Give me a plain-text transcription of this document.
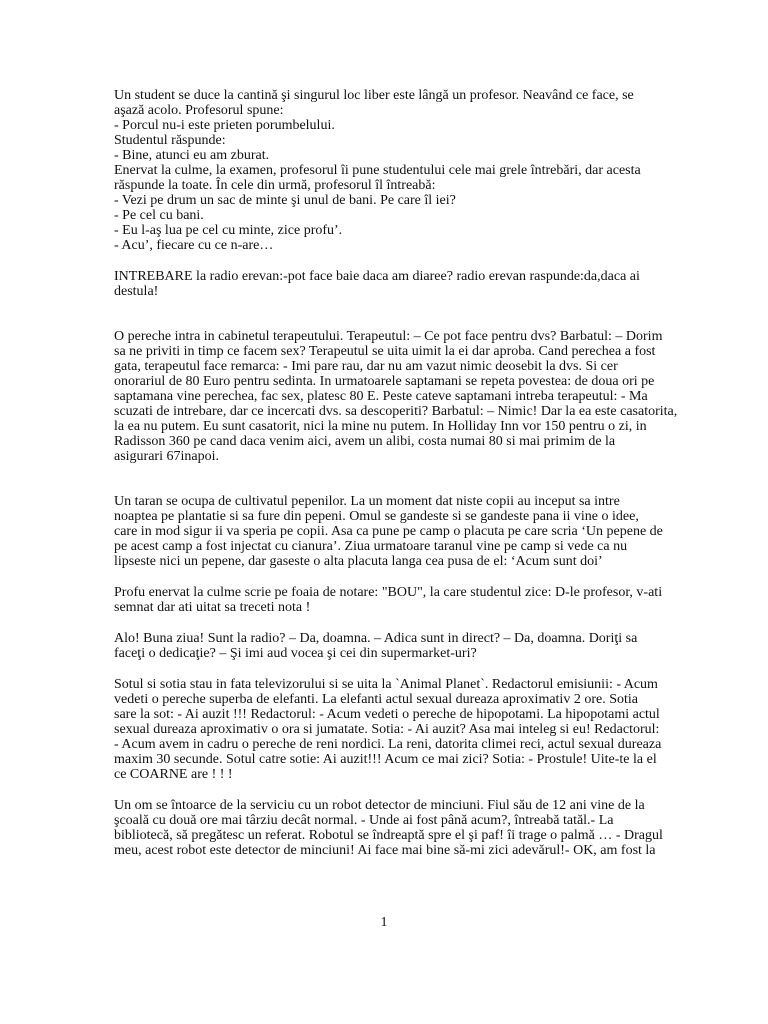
Un student se duce la cantină şi singurul loc liber este lângă un profesor. Neavând ce face, se
aşază acolo. Profesorul spune:
- Porcul nu-i este prieten porumbelului.
Studentul răspunde:
- Bine, atunci eu am zburat.
Enervat la culme, la examen, profesorul îi pune studentului cele mai grele întrebări, dar acesta
răspunde la toate. În cele din urmă, profesorul îl întreabă:
- Vezi pe drum un sac de minte şi unul de bani. Pe care îl iei?
- Pe cel cu bani.
- Eu l-aş lua pe cel cu minte, zice profu’.
- Acu’, fiecare cu ce n-are…
INTREBARE la radio erevan:-pot face baie daca am diaree? radio erevan raspunde:da,daca ai
destula!
O pereche intra in cabinetul terapeutului. Terapeutul: – Ce pot face pentru dvs? Barbatul: – Dorim
sa ne priviti in timp ce facem sex? Terapeutul se uita uimit la ei dar aproba. Cand perechea a fost
gata, terapeutul face remarca: - Imi pare rau, dar nu am vazut nimic deosebit la dvs. Si cer
onorariul de 80 Euro pentru sedinta. In urmatoarele saptamani se repeta povestea: de doua ori pe
saptamana vine perechea, fac sex, platesc 80 E. Peste cateve saptamani intreba terapeutul: - Ma
scuzati de intrebare, dar ce incercati dvs. sa descoperiti? Barbatul: – Nimic! Dar la ea este casatorita,
la ea nu putem. Eu sunt casatorit, nici la mine nu putem. In Holliday Inn vor 150 pentru o zi, in
Radisson 360 pe cand daca venim aici, avem un alibi, costa numai 80 si mai primim de la
asigurari 67inapoi.
Un taran se ocupa de cultivatul pepenilor. La un moment dat niste copii au inceput sa intre
noaptea pe plantatie si sa fure din pepeni. Omul se gandeste si se gandeste pana ii vine o idee,
care in mod sigur ii va speria pe copii. Asa ca pune pe camp o placuta pe care scria ‘Un pepene de
pe acest camp a fost injectat cu cianura’. Ziua urmatoare taranul vine pe camp si vede ca nu
lipseste nici un pepene, dar gaseste o alta placuta langa cea pusa de el: ‘Acum sunt doi’
Profu enervat la culme scrie pe foaia de notare: "BOU", la care studentul zice: D-le profesor, v-ati
semnat dar ati uitat sa treceti nota !
Alo! Buna ziua! Sunt la radio? – Da, doamna. – Adica sunt in direct? – Da, doamna. Doriţi sa
faceţi o dedicaţie? – Şi imi aud vocea şi cei din supermarket-uri?
Sotul si sotia stau in fata televizorului si se uita la `Animal Planet`. Redactorul emisiunii: - Acum
vedeti o pereche superba de elefanti. La elefanti actul sexual dureaza aproximativ 2 ore. Sotia
sare la sot: - Ai auzit !!! Redactorul: - Acum vedeti o pereche de hipopotami. La hipopotami actul
sexual dureaza aproximativ o ora si jumatate. Sotia: - Ai auzit? Asa mai inteleg si eu! Redactorul:
- Acum avem in cadru o pereche de reni nordici. La reni, datorita climei reci, actul sexual dureaza
maxim 30 secunde. Sotul catre sotie: Ai auzit!!! Acum ce mai zici? Sotia: - Prostule! Uite-te la el
ce COARNE are ! ! !
Un om se întoarce de la serviciu cu un robot detector de minciuni. Fiul său de 12 ani vine de la
şcoală cu două ore mai târziu decât normal. - Unde ai fost până acum?, întreabă tatăl.- La
bibliotecă, să pregătesc un referat. Robotul se îndreaptă spre el şi paf! îi trage o palmă … - Dragul
meu, acest robot este detector de minciuni! Ai face mai bine să-mi zici adevărul!- OK, am fost la
1
